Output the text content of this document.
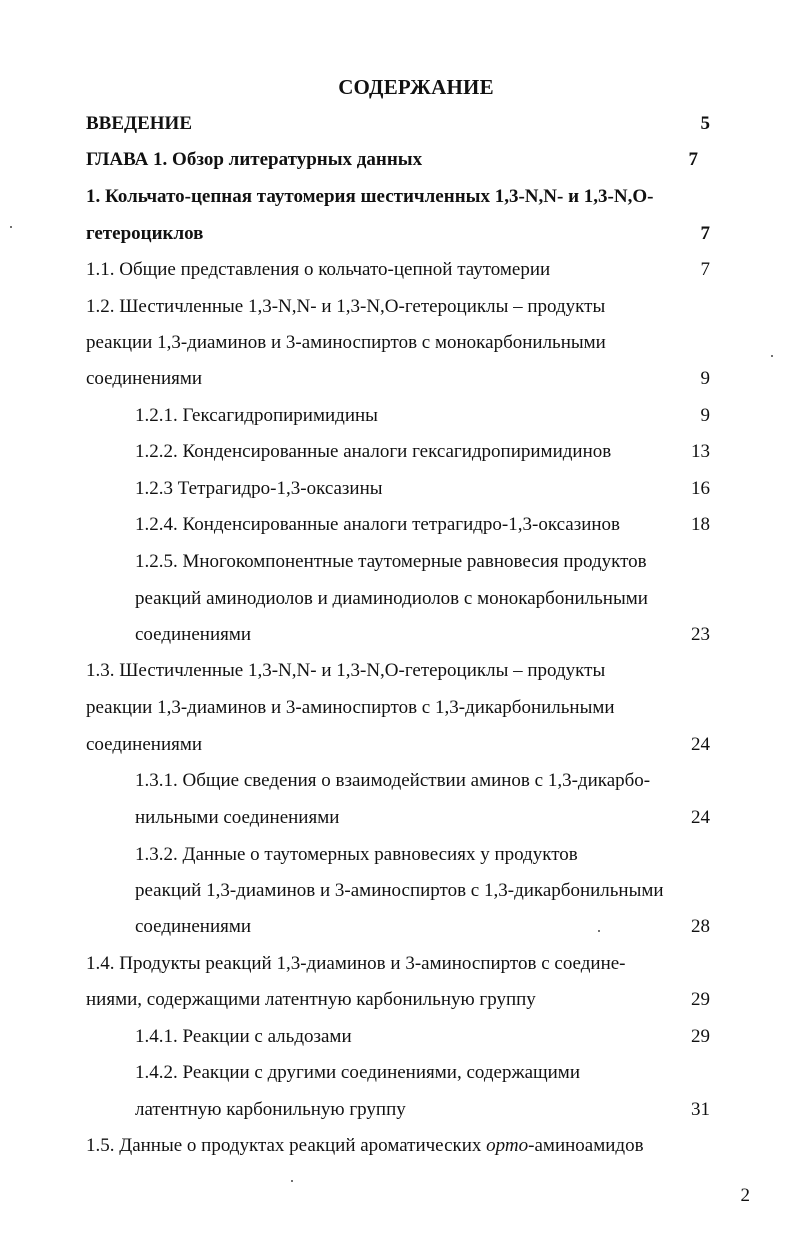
СОДЕРЖАНИЕ
ВВЕДЕНИЕ	5
ГЛАВА 1. Обзор литературных данных	7
1. Кольчато-цепная таутомерия шестичленных 1,3-N,N- и 1,3-N,O-
гетероциклов	7
1.1. Общие представления о кольчато-цепной таутомерии	7
1.2. Шестичленные 1,3-N,N- и 1,3-N,O-гетероциклы – продукты
реакции 1,3-диаминов и 3-аминоспиртов с монокарбонильными
соединениями	9
1.2.1. Гексагидропиримидины	9
1.2.2. Конденсированные аналоги гексагидропиримидинов	13
1.2.3 Тетрагидро-1,3-оксазины	16
1.2.4. Конденсированные аналоги тетрагидро-1,3-оксазинов	18
1.2.5. Многокомпонентные таутомерные равновесия продуктов
реакций аминодиолов и диаминодиолов с монокарбонильными
соединениями	23
1.3. Шестичленные 1,3-N,N- и 1,3-N,O-гетероциклы – продукты
реакции 1,3-диаминов и 3-аминоспиртов с 1,3-дикарбонильными
соединениями	24
1.3.1. Общие сведения о взаимодействии аминов с 1,3-дикарбо-
нильными соединениями	24
1.3.2. Данные о таутомерных равновесиях у продуктов
реакций 1,3-диаминов и 3-аминоспиртов с 1,3-дикарбонильными
соединениями	28
1.4. Продукты реакций 1,3-диаминов и 3-аминоспиртов с соедине-
ниями, содержащими латентную карбонильную группу	29
1.4.1. Реакции с альдозами	29
1.4.2. Реакции с другими соединениями, содержащими
латентную карбонильную группу	31
1.5. Данные о продуктах реакций ароматических орто-аминоамидов
2
